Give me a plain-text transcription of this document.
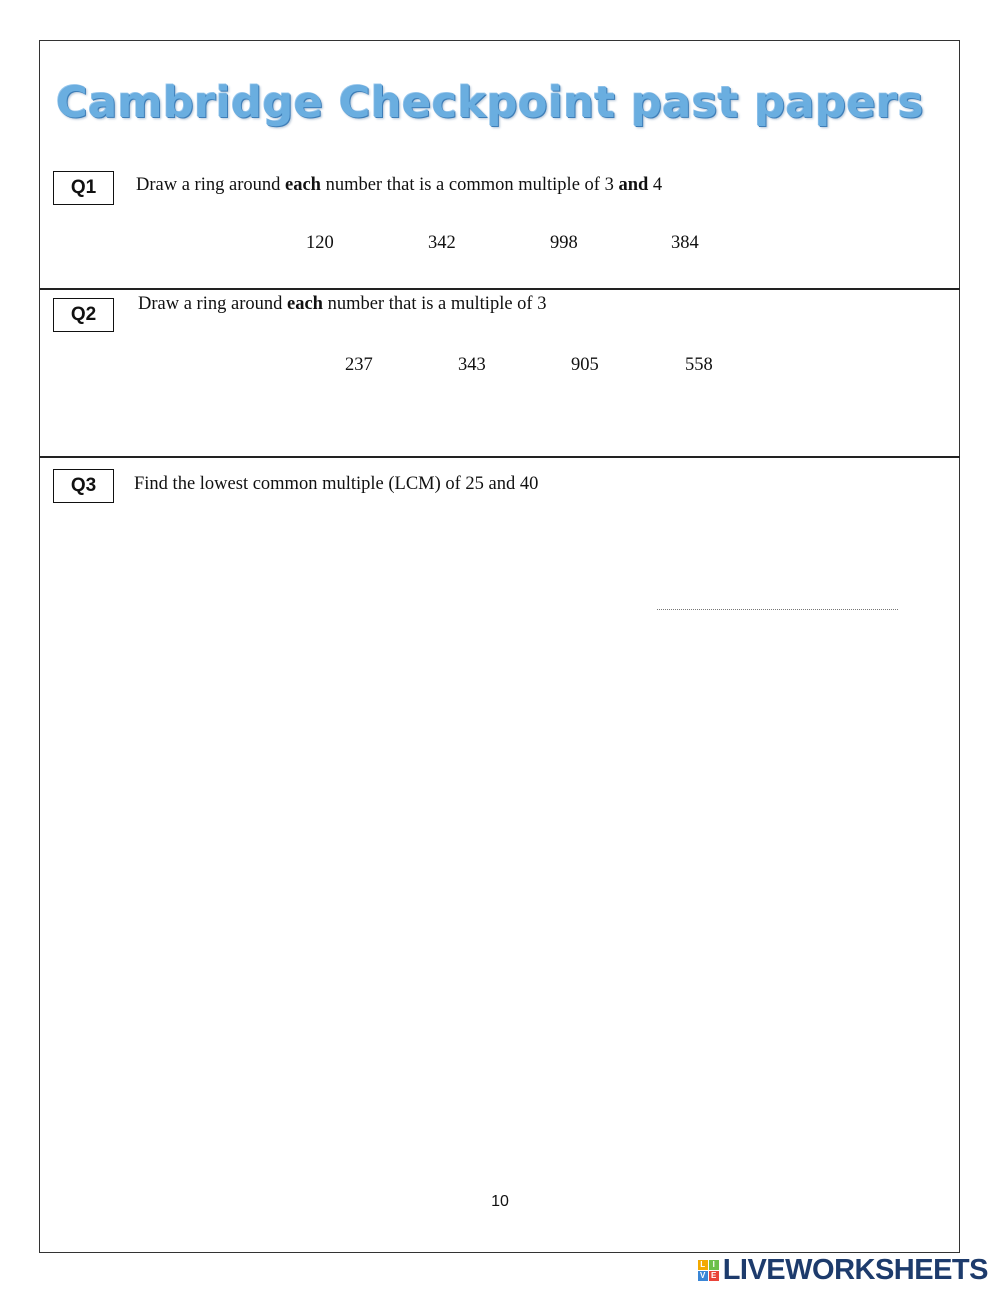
Cambridge Checkpoint past papers
Q1	Draw a ring around each number that is a common multiple of 3 and 4
120	342	998	384
Q2	Draw a ring around each number that is a multiple of 3
237	343	905	558
Q3	Find the lowest common multiple (LCM) of 25 and 40
10
L I
V E LIVEWORKSHEETS
